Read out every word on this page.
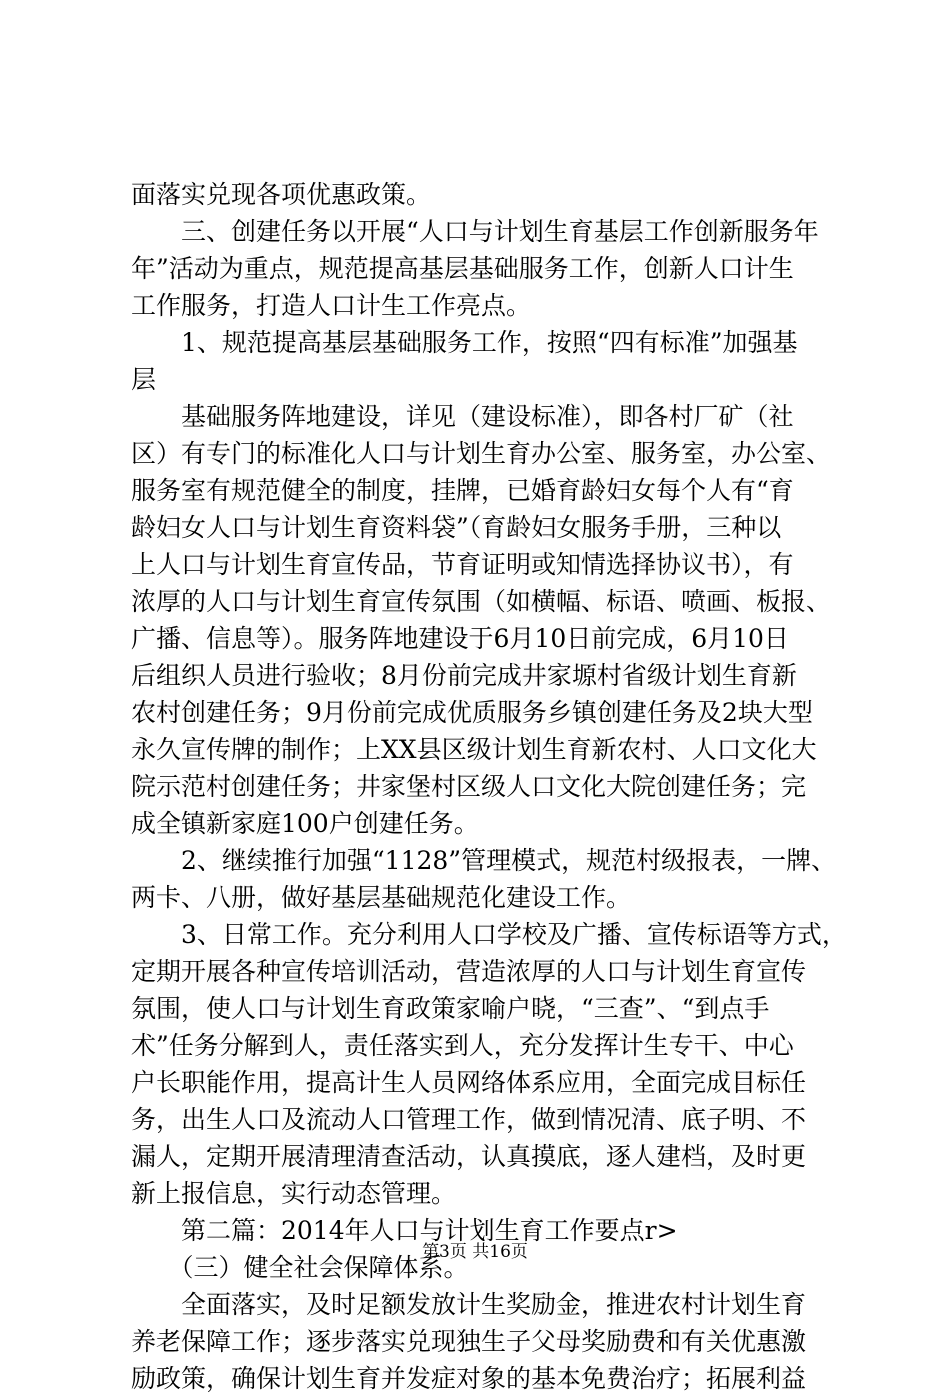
面落实兑现各项优惠政策。
　　三、创建任务以开展“人口与计划生育基层工作创新服务年
年”活动为重点，规范提高基层基础服务工作，创新人口计生
工作服务，打造人口计生工作亮点。
　　1、规范提高基层基础服务工作，按照“四有标准”加强基
层
　　基础服务阵地建设，详见（建设标准），即各村厂矿（社
区）有专门的标准化人口与计划生育办公室、服务室，办公室、
服务室有规范健全的制度，挂牌，已婚育龄妇女每个人有“育
龄妇女人口与计划生育资料袋”（育龄妇女服务手册，三种以
上人口与计划生育宣传品，节育证明或知情选择协议书），有
浓厚的人口与计划生育宣传氛围（如横幅、标语、喷画、板报、
广播、信息等）。服务阵地建设于6月10日前完成，6月10日
后组织人员进行验收；8月份前完成井家塬村省级计划生育新
农村创建任务；9月份前完成优质服务乡镇创建任务及2块大型
永久宣传牌的制作；上XX县区级计划生育新农村、人口文化大
院示范村创建任务；井家堡村区级人口文化大院创建任务；完
成全镇新家庭100户创建任务。
　　2、继续推行加强“1128”管理模式，规范村级报表，一牌、
两卡、八册，做好基层基础规范化建设工作。
　　3、日常工作。充分利用人口学校及广播、宣传标语等方式，
定期开展各种宣传培训活动，营造浓厚的人口与计划生育宣传
氛围，使人口与计划生育政策家喻户晓，“三查”、“到点手
术”任务分解到人，责任落实到人，充分发挥计生专干、中心
户长职能作用，提高计生人员网络体系应用，全面完成目标任
务，出生人口及流动人口管理工作，做到情况清、底子明、不
漏人，定期开展清理清查活动，认真摸底，逐人建档，及时更
新上报信息，实行动态管理。
　　第二篇：2014年人口与计划生育工作要点r>
　　（三）健全社会保障体系。
　　全面落实，及时足额发放计生奖励金，推进农村计划生育
养老保障工作；逐步落实兑现独生子父母奖励费和有关优惠激
励政策，确保计划生育并发症对象的基本免费治疗；拓展利益
第3页 共16页
